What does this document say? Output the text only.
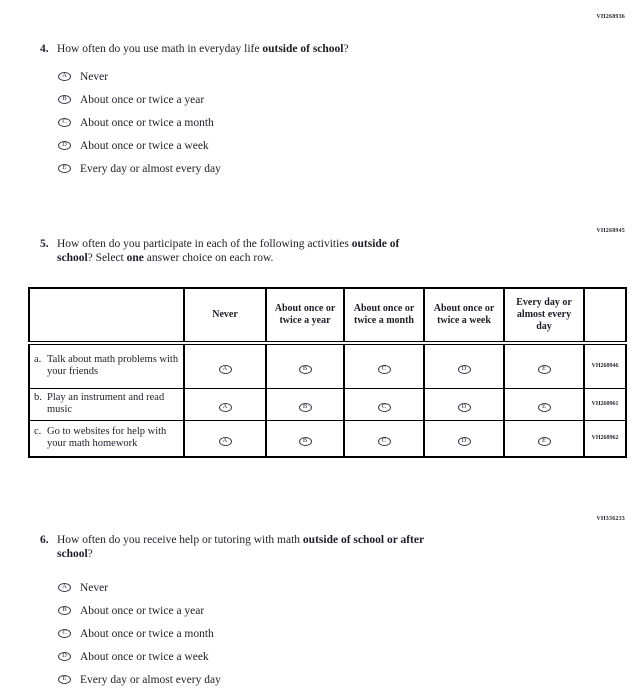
VH268936
VH268945
VH336233
4. How often do you use math in everyday life outside of school?
A	Never
B	About once or twice a year
C	About once or twice a month
D	About once or twice a week
E	Every day or almost every day
5. How often do you participate in each of the following activities outside of
school? Select one answer choice on each row.
	Never	About once or twice a year	About once or twice a month	About once or twice a week	Every day or almost every day	

a. Talk about math problems with your friends	A	B	C	D	E	VH268946

b. Play an instrument and read music	A	B	C	D	E	VH268961

c. Go to websites for help with your math homework	A	B	C	D	E	VH268962
6. How often do you receive help or tutoring with math outside of school or after
school?
A	Never
B	About once or twice a year
C	About once or twice a month
D	About once or twice a week
E	Every day or almost every day
